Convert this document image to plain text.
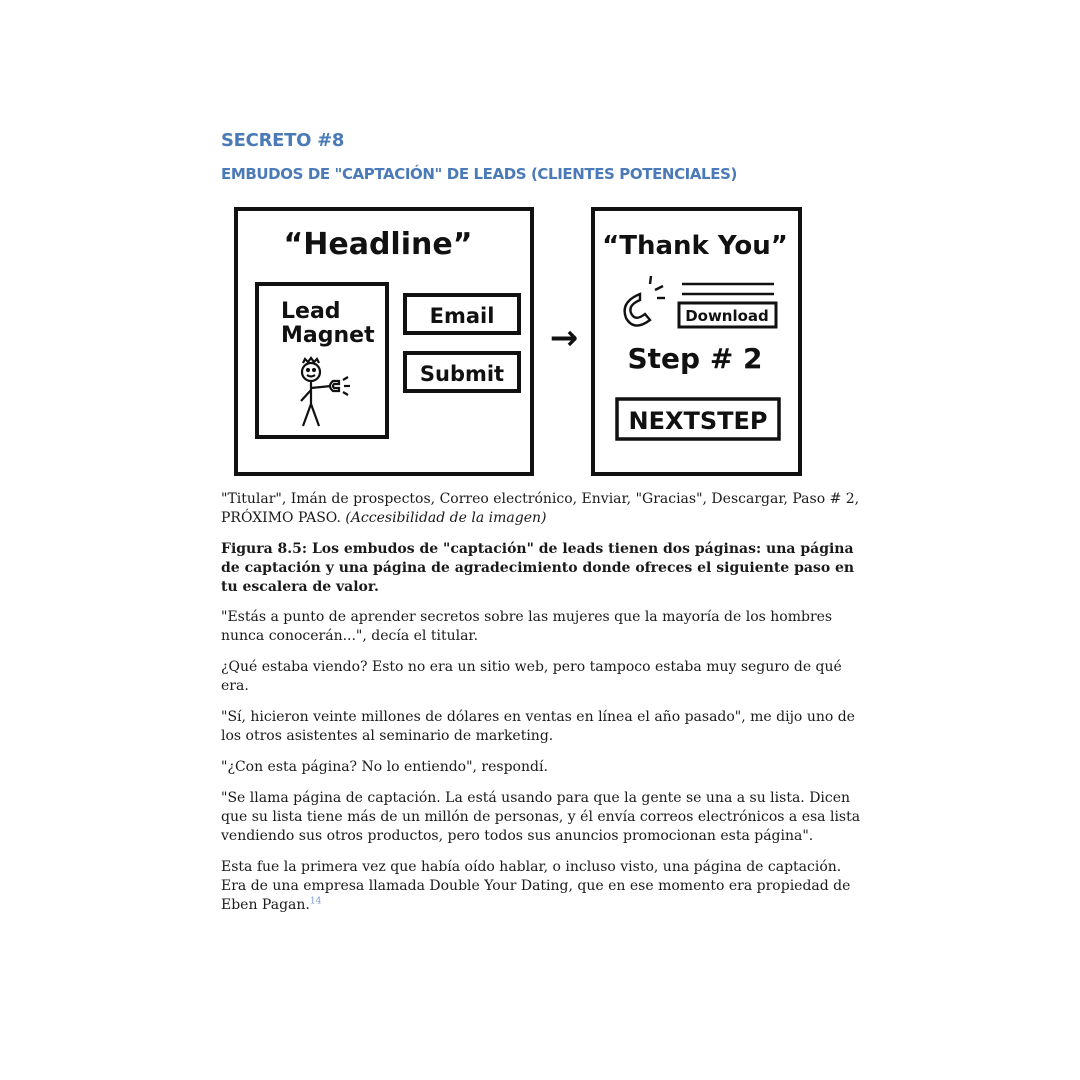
SECRETO #8
EMBUDOS DE "CAPTACIÓN" DE LEADS (CLIENTES POTENCIALES)
“Headline”
Lead
Magnet
Email
Submit
→
“Thank You”
Download
Step # 2
NEXTSTEP

"Titular", Imán de prospectos, Correo electrónico, Enviar, "Gracias", Descargar, Paso # 2, PRÓXIMO PASO. (Accesibilidad de la imagen)

Figura 8.5: Los embudos de "captación" de leads tienen dos páginas: una página de captación y una página de agradecimiento donde ofreces el siguiente paso en tu escalera de valor.

"Estás a punto de aprender secretos sobre las mujeres que la mayoría de los hombres nunca conocerán...", decía el titular.

¿Qué estaba viendo? Esto no era un sitio web, pero tampoco estaba muy seguro de qué era.

"Sí, hicieron veinte millones de dólares en ventas en línea el año pasado", me dijo uno de los otros asistentes al seminario de marketing.

"¿Con esta página? No lo entiendo", respondí.

"Se llama página de captación. La está usando para que la gente se una a su lista. Dicen que su lista tiene más de un millón de personas, y él envía correos electrónicos a esa lista vendiendo sus otros productos, pero todos sus anuncios promocionan esta página".

Esta fue la primera vez que había oído hablar, o incluso visto, una página de captación. Era de una empresa llamada Double Your Dating, que en ese momento era propiedad de Eben Pagan.$^{14}$
